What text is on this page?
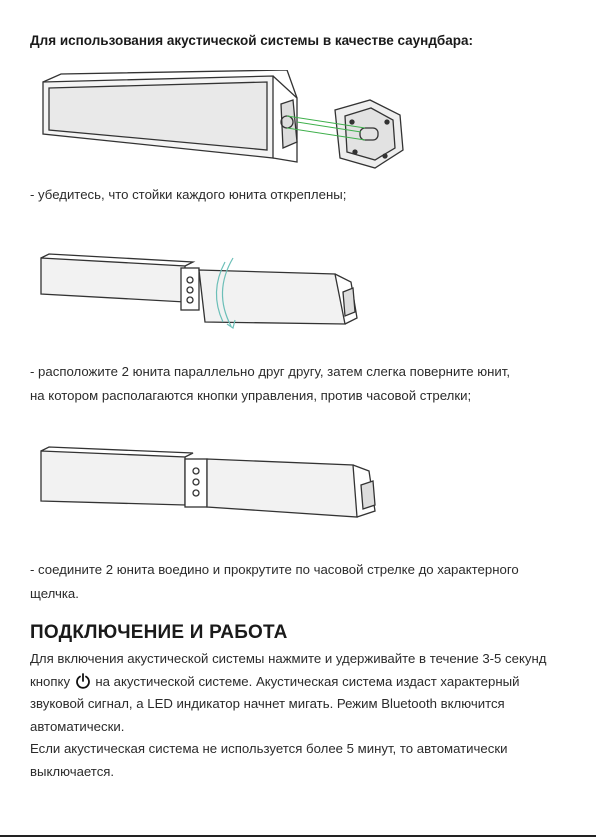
Для использования акустической системы в качестве саундбара:
- убедитесь, что стойки каждого юнита откреплены;
- расположите 2 юнита параллельно друг другу, затем слегка поверните юнит,
на котором располагаются кнопки управления, против часовой стрелки;
- соедините 2 юнита воедино и прокрутите по часовой стрелке до характерного
щелчка.
ПОДКЛЮЧЕНИЕ И РАБОТА

Для включения акустической системы нажмите и удерживайте в течение 3-5 секунд кнопку на акустической системе. Акустическая система издаст характерный звуковой сигнал, а LED индикатор начнет мигать. Режим Bluetooth включится автоматически.

Если акустическая система не используется более 5 минут, то автоматически выключается.
